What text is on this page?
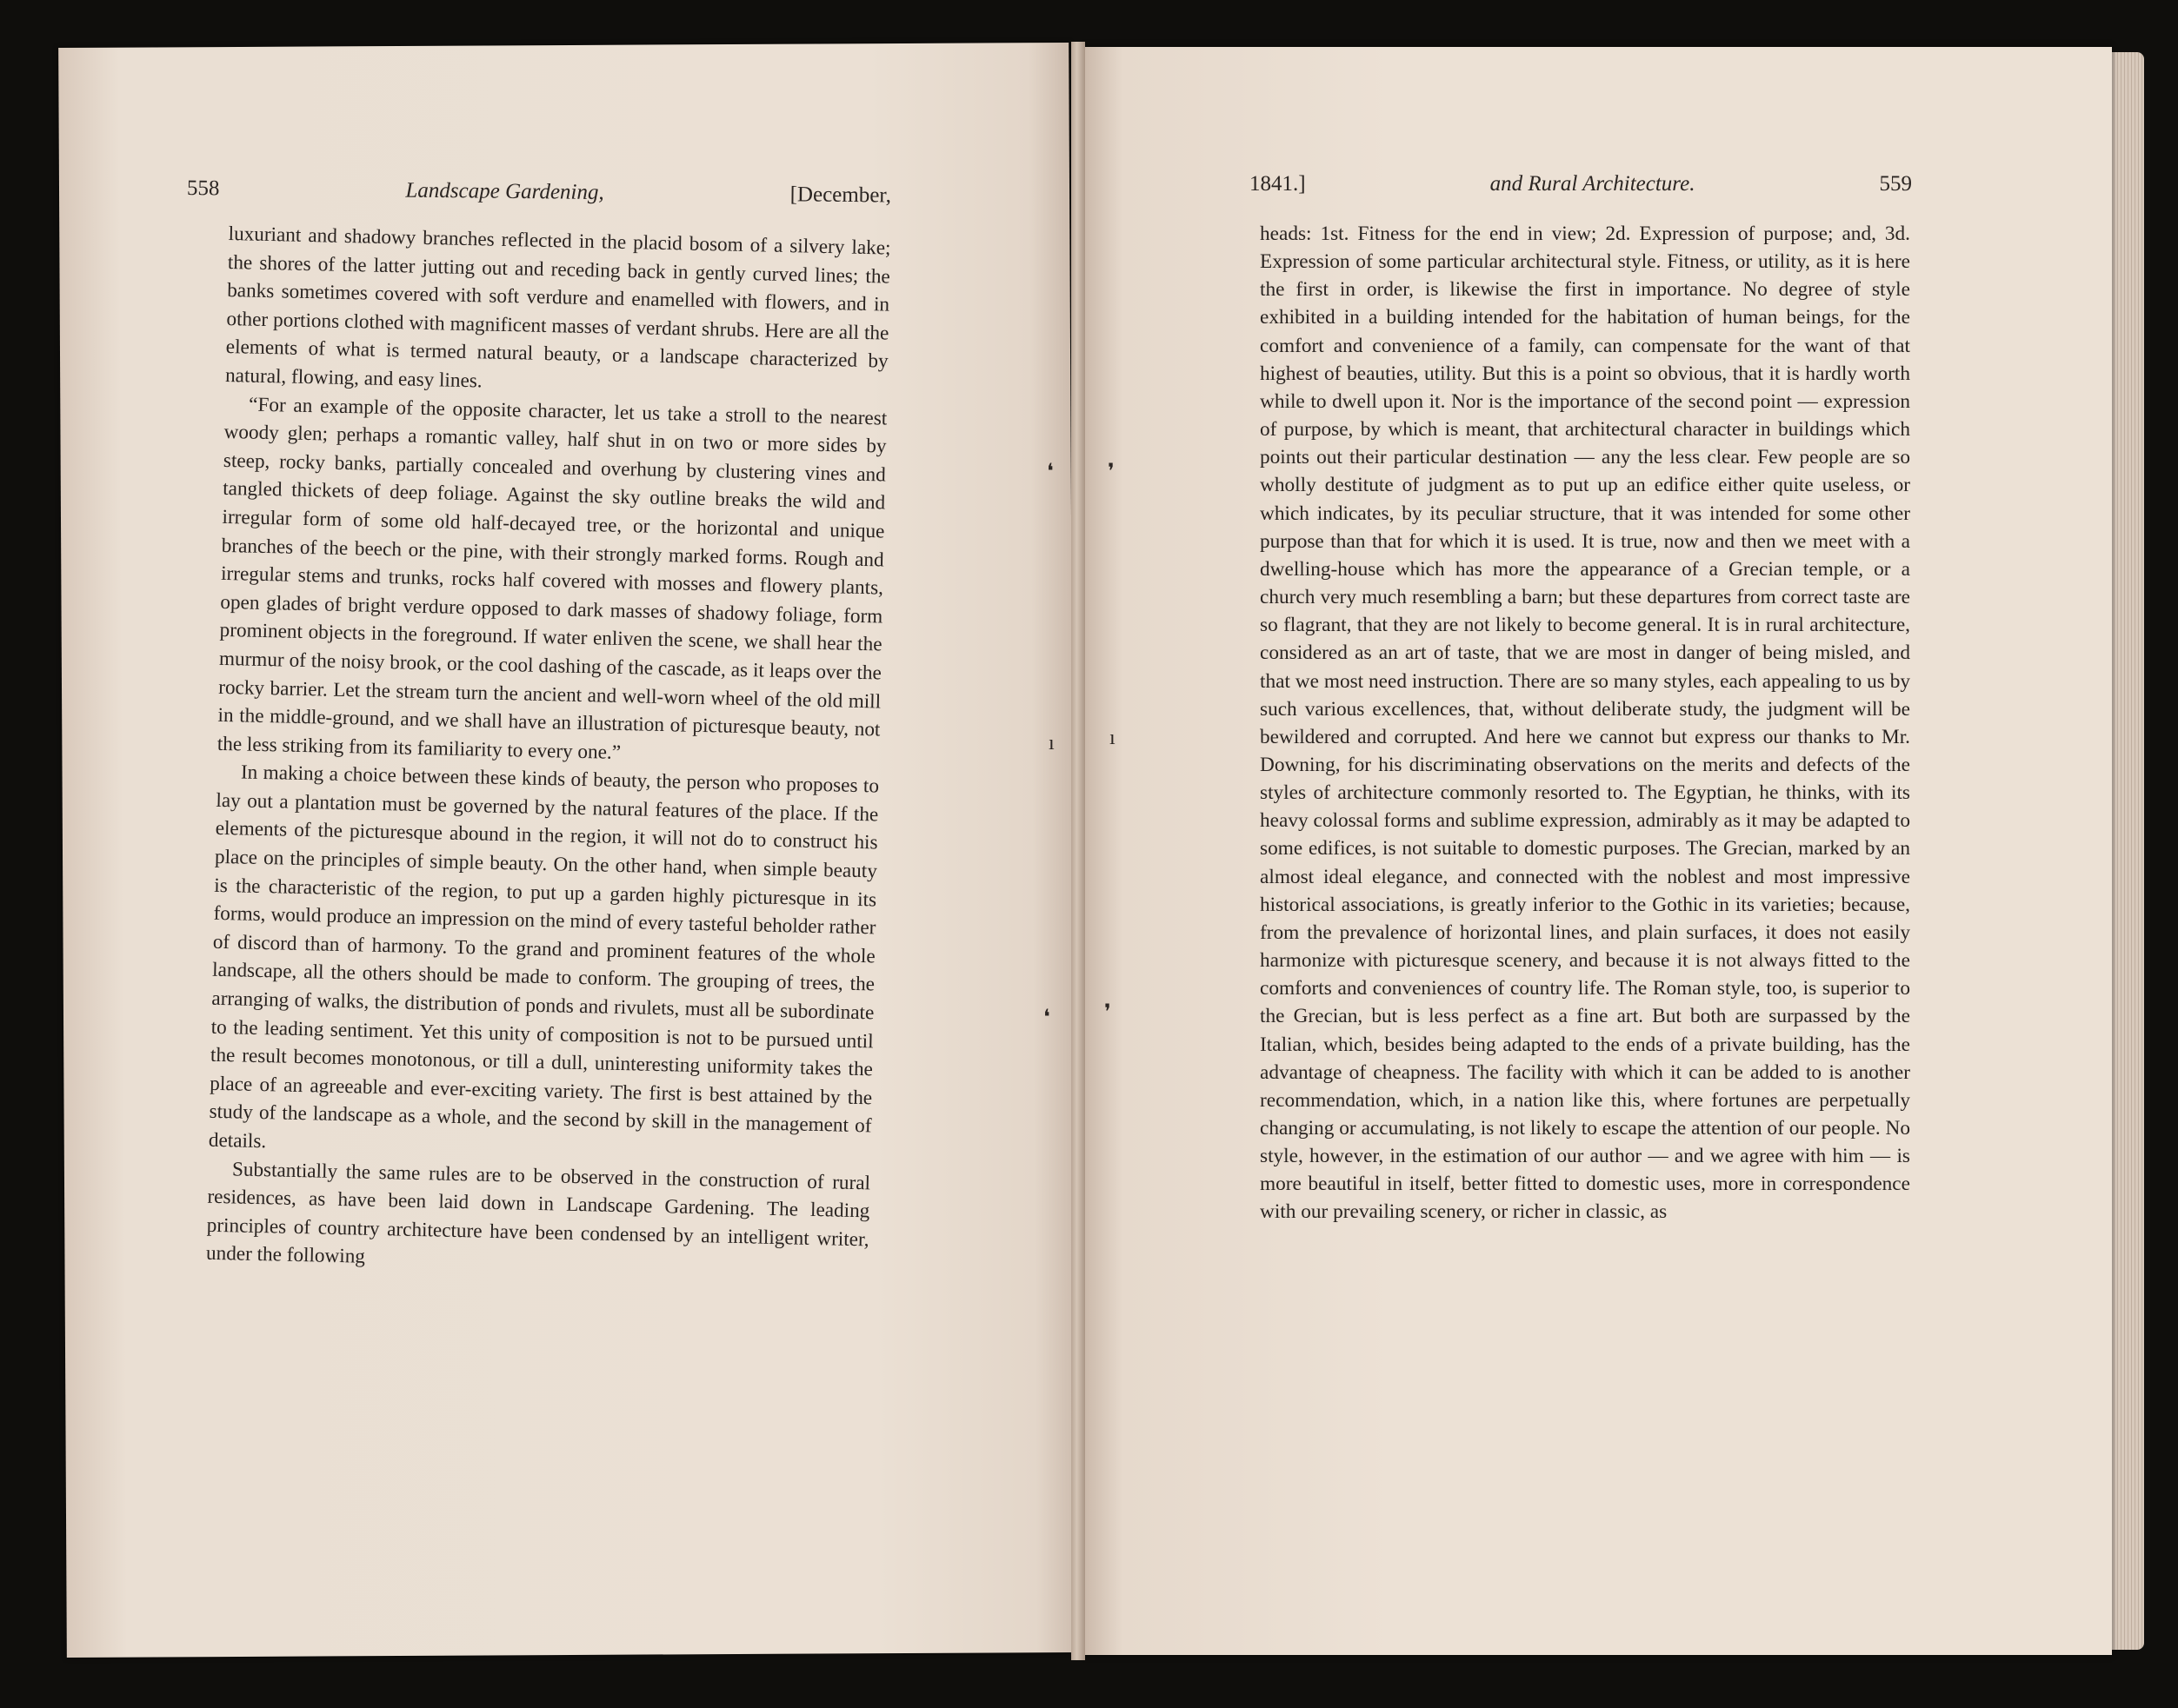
❛	❜
ı	ı
❛	❜
558	Landscape Gardening,	[December,

luxuriant and shadowy branches reflected in the placid bosom of a silvery lake; the shores of the latter jutting out and receding back in gently curved lines; the banks sometimes covered with soft verdure and enamelled with flowers, and in other portions clothed with magnificent masses of verdant shrubs. Here are all the elements of what is termed natural beauty, or a landscape characterized by natural, flowing, and easy lines.

“For an example of the opposite character, let us take a stroll to the nearest woody glen; perhaps a romantic valley, half shut in on two or more sides by steep, rocky banks, partially concealed and overhung by clustering vines and tangled thickets of deep foliage. Against the sky outline breaks the wild and irregular form of some old half-decayed tree, or the horizontal and unique branches of the beech or the pine, with their strongly marked forms. Rough and irregular stems and trunks, rocks half covered with mosses and flowery plants, open glades of bright verdure opposed to dark masses of shadowy foliage, form prominent objects in the foreground. If water enliven the scene, we shall hear the murmur of the noisy brook, or the cool dashing of the cascade, as it leaps over the rocky barrier. Let the stream turn the ancient and well-worn wheel of the old mill in the middle-ground, and we shall have an illustration of picturesque beauty, not the less striking from its familiarity to every one.”

In making a choice between these kinds of beauty, the person who proposes to lay out a plantation must be governed by the natural features of the place. If the elements of the picturesque abound in the region, it will not do to construct his place on the principles of simple beauty. On the other hand, when simple beauty is the characteristic of the region, to put up a garden highly picturesque in its forms, would produce an impression on the mind of every tasteful beholder rather of discord than of harmony. To the grand and prominent features of the whole landscape, all the others should be made to conform. The grouping of trees, the arranging of walks, the distribution of ponds and rivulets, must all be subordinate to the leading sentiment. Yet this unity of composition is not to be pursued until the result becomes monotonous, or till a dull, uninteresting uniformity takes the place of an agreeable and ever-exciting variety. The first is best attained by the study of the landscape as a whole, and the second by skill in the management of details.

Substantially the same rules are to be observed in the construction of rural residences, as have been laid down in Landscape Gardening. The leading principles of country architecture have been condensed by an intelligent writer, under the following

1841.]	and Rural Architecture.	559

heads: 1st. Fitness for the end in view; 2d. Expression of purpose; and, 3d. Expression of some particular architectural style. Fitness, or utility, as it is here the first in order, is likewise the first in importance. No degree of style exhibited in a building intended for the habitation of human beings, for the comfort and convenience of a family, can compensate for the want of that highest of beauties, utility. But this is a point so obvious, that it is hardly worth while to dwell upon it. Nor is the importance of the second point — expression of purpose, by which is meant, that architectural character in buildings which points out their particular destination — any the less clear. Few people are so wholly destitute of judgment as to put up an edifice either quite useless, or which indicates, by its peculiar structure, that it was intended for some other purpose than that for which it is used. It is true, now and then we meet with a dwelling-house which has more the appearance of a Grecian temple, or a church very much resembling a barn; but these departures from correct taste are so flagrant, that they are not likely to become general. It is in rural architecture, considered as an art of taste, that we are most in danger of being misled, and that we most need instruction. There are so many styles, each appealing to us by such various excellences, that, without deliberate study, the judgment will be bewildered and corrupted. And here we cannot but express our thanks to Mr. Downing, for his discriminating observations on the merits and defects of the styles of architecture commonly resorted to. The Egyptian, he thinks, with its heavy colossal forms and sublime expression, admirably as it may be adapted to some edifices, is not suitable to domestic purposes. The Grecian, marked by an almost ideal elegance, and connected with the noblest and most impressive historical associations, is greatly inferior to the Gothic in its varieties; because, from the prevalence of horizontal lines, and plain surfaces, it does not easily harmonize with picturesque scenery, and because it is not always fitted to the comforts and conveniences of country life. The Roman style, too, is superior to the Grecian, but is less perfect as a fine art. But both are surpassed by the Italian, which, besides being adapted to the ends of a private building, has the advantage of cheapness. The facility with which it can be added to is another recommendation, which, in a nation like this, where fortunes are perpetually changing or accumulating, is not likely to escape the attention of our people. No style, however, in the estimation of our author — and we agree with him — is more beautiful in itself, better fitted to domestic uses, more in correspondence with our prevailing scenery, or richer in classic, as
